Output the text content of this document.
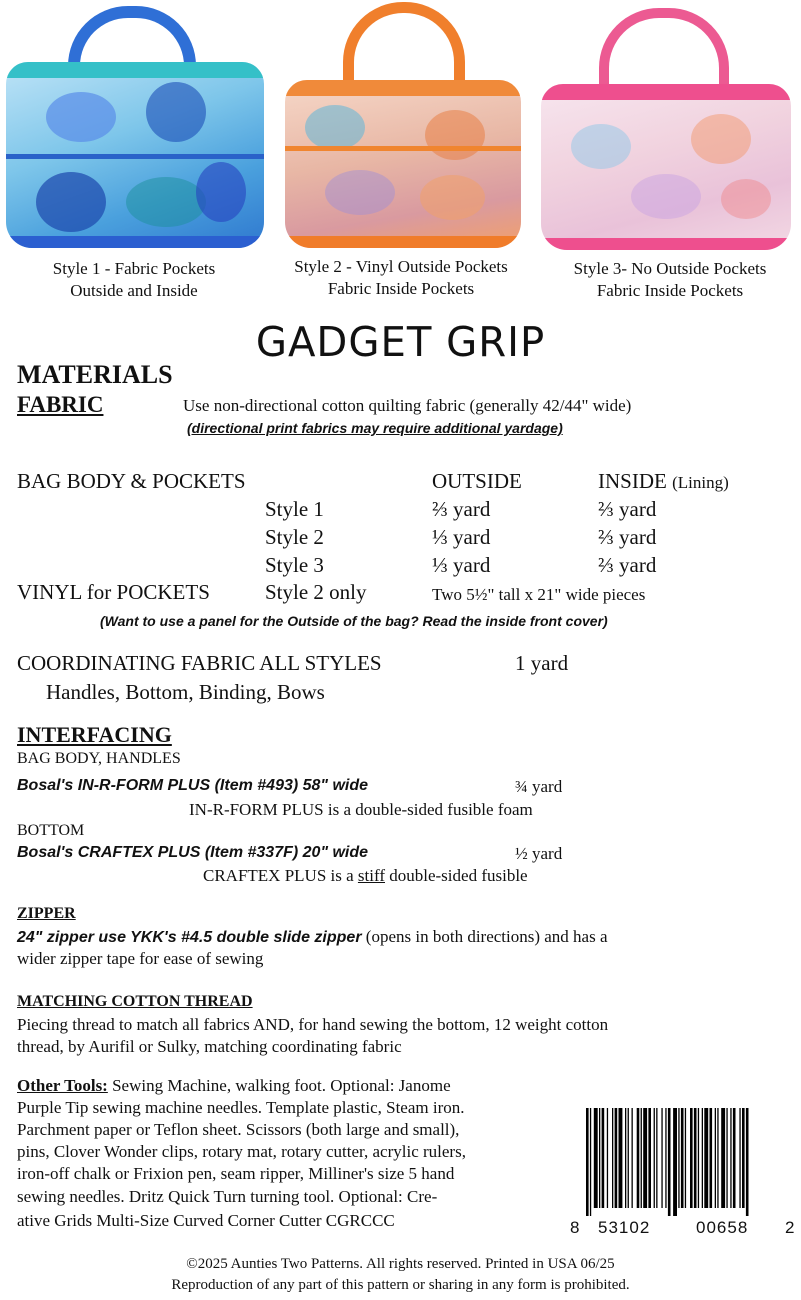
Style 1 - Fabric Pockets
Outside and Inside
Style 2 - Vinyl Outside Pockets
Fabric Inside Pockets
Style 3- No Outside Pockets
Fabric Inside Pockets
GADGET GRIP
MATERIALS
FABRIC	Use non-directional cotton quilting fabric (generally 42/44" wide)
(directional print fabrics may require additional yardage)
BAG BODY & POCKETS	OUTSIDE	INSIDE (Lining)
Style 1	⅔ yard	⅔ yard
Style 2	⅓ yard	⅔ yard
Style 3	⅓ yard	⅔ yard
VINYL for POCKETS	Style 2 only	Two 5½" tall x 21" wide pieces
(Want to use a panel for the Outside of the bag? Read the inside front cover)
COORDINATING FABRIC ALL STYLES	1 yard
Handles, Bottom, Binding, Bows
INTERFACING
BAG BODY, HANDLES
Bosal's IN-R-FORM PLUS (Item #493) 58" wide	¾ yard
IN-R-FORM PLUS is a double-sided fusible foam
BOTTOM
Bosal's CRAFTEX PLUS (Item #337F) 20" wide	½ yard
CRAFTEX PLUS is a stiff double-sided fusible
ZIPPER
24" zipper use YKK's #4.5 double slide zipper (opens in both directions) and has a
wider zipper tape for ease of sewing
MATCHING COTTON THREAD
Piecing thread to match all fabrics AND, for hand sewing the bottom, 12 weight cotton
thread, by Aurifil or Sulky, matching coordinating fabric
Other Tools: Sewing Machine, walking foot. Optional: Janome
Purple Tip sewing machine needles. Template plastic, Steam iron.
Parchment paper or Teflon sheet. Scissors (both large and small),
pins, Clover Wonder clips, rotary mat, rotary cutter, acrylic rulers,
iron-off chalk or Frixion pen, seam ripper, Milliner's size 5 hand
sewing needles. Dritz Quick Turn turning tool. Optional: Cre-
ative Grids Multi-Size Curved Corner Cutter CGRCCC	8 53102	00658 2
©2025 Aunties Two Patterns. All rights reserved. Printed in USA 06/25
Reproduction of any part of this pattern or sharing in any form is prohibited.
